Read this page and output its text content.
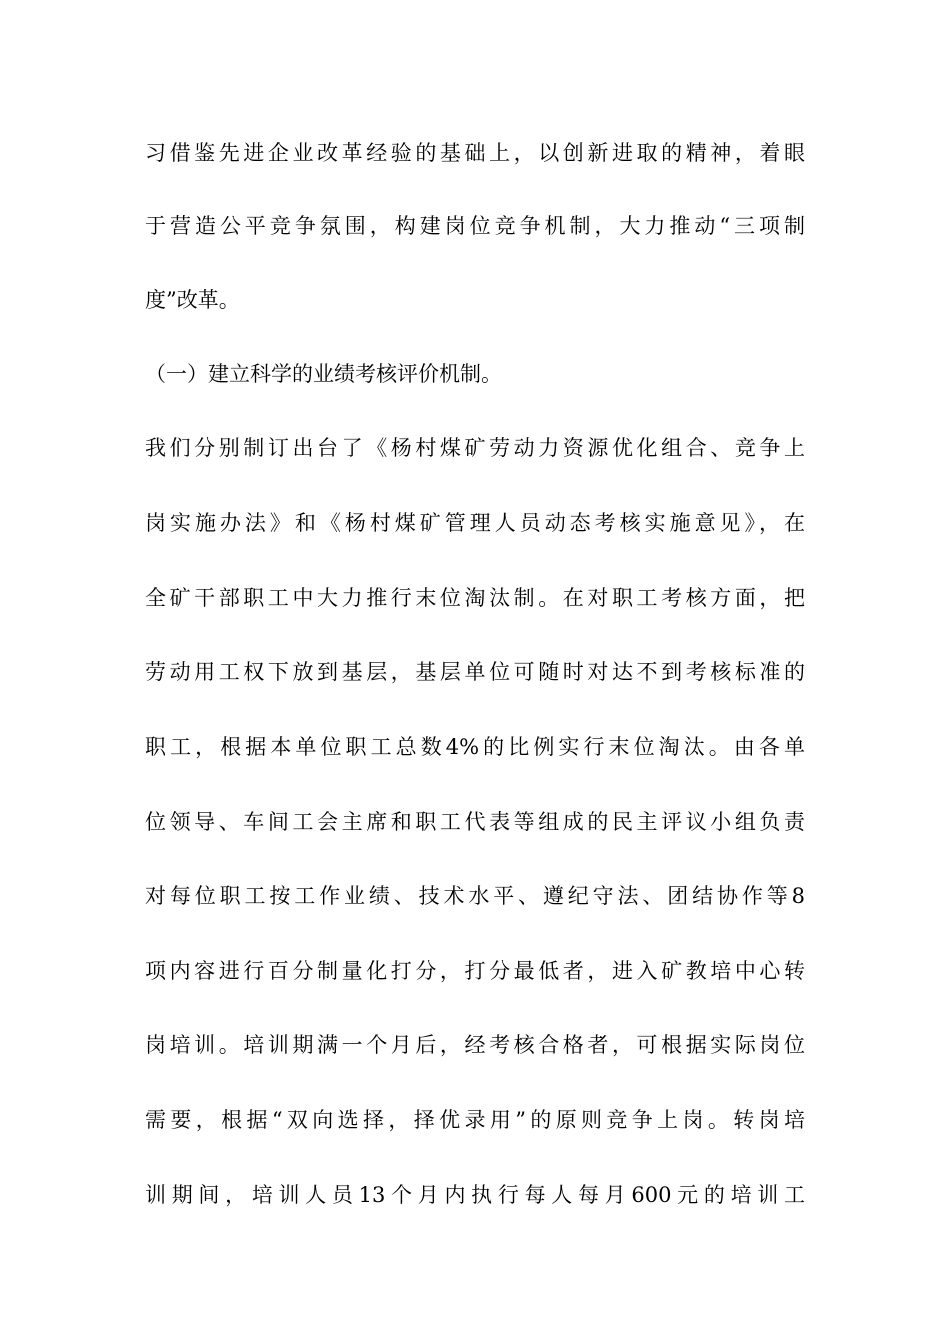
习借鉴先进企业改革经验的基础上，以创新进取的精神，着眼
于营造公平竞争氛围，构建岗位竞争机制，大力推动“三项制
度”改革。
（一）建立科学的业绩考核评价机制。
我们分别制订出台了《杨村煤矿劳动力资源优化组合、竞争上
岗实施办法》和《杨村煤矿管理人员动态考核实施意见》，在
全矿干部职工中大力推行末位淘汰制。在对职工考核方面，把
劳动用工权下放到基层，基层单位可随时对达不到考核标准的
职工，根据本单位职工总数4%的比例实行末位淘汰。由各单
位领导、车间工会主席和职工代表等组成的民主评议小组负责
对每位职工按工作业绩、技术水平、遵纪守法、团结协作等8
项内容进行百分制量化打分，打分最低者，进入矿教培中心转
岗培训。培训期满一个月后，经考核合格者，可根据实际岗位
需要，根据“双向选择，择优录用”的原则竞争上岗。转岗培
训期间，培训人员13个月内执行每人每月600元的培训工
